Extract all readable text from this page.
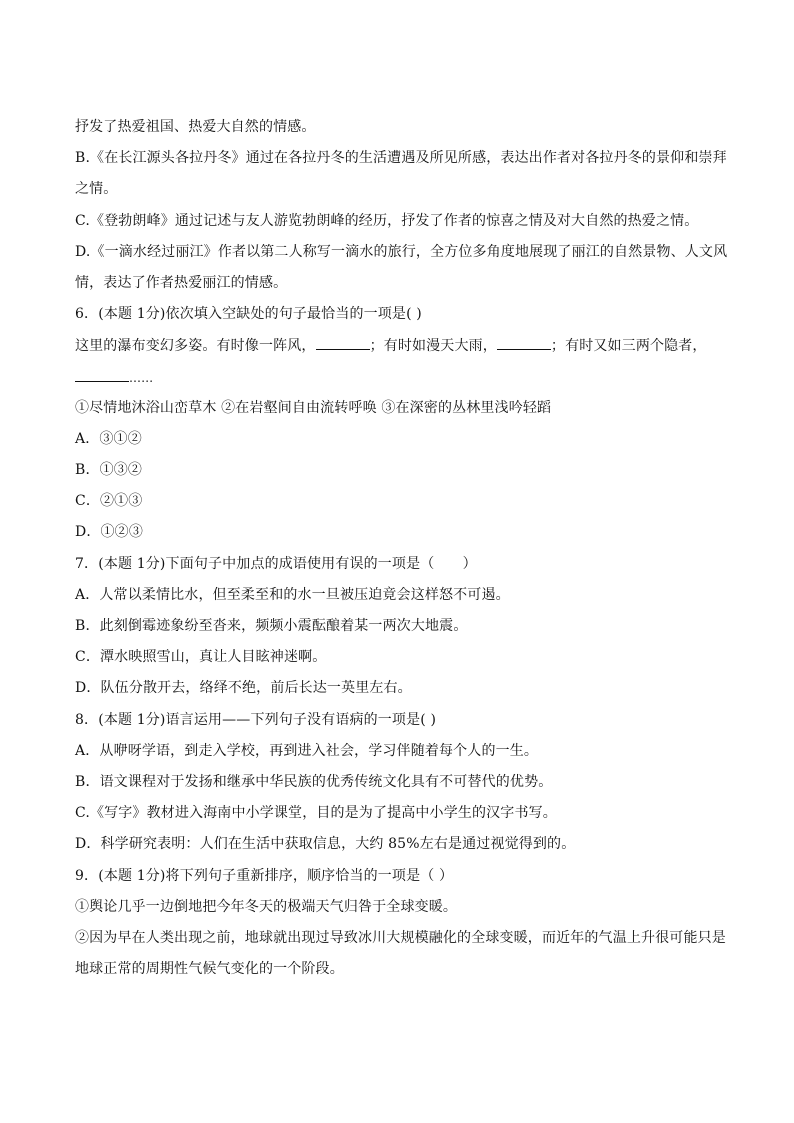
抒发了热爱祖国、热爱大自然的情感。
B.《在长江源头各拉丹冬》通过在各拉丹冬的生活遭遇及所见所感，表达出作者对各拉丹冬的景仰和崇拜
之情。
C.《登勃朗峰》通过记述与友人游览勃朗峰的经历，抒发了作者的惊喜之情及对大自然的热爱之情。
D.《一滴水经过丽江》作者以第二人称写一滴水的旅行，全方位多角度地展现了丽江的自然景物、人文风
情，表达了作者热爱丽江的情感。
6．(本题 1分)依次填入空缺处的句子最恰当的一项是( )
这里的瀑布变幻多姿。有时像一阵风，	；有时如漫天大雨，	；有时又如三两个隐者，
……
①尽情地沐浴山峦草木 ②在岩壑间自由流转呼唤 ③在深密的丛林里浅吟轻蹈
A．③①②
B．①③②
C．②①③
D．①②③
7．(本题 1分)下面句子中加点的成语使用有误的一项是（　　）
A．人常以柔情比水，但至柔至和的水一旦被压迫竟会这样怒不可遏。
B．此刻倒霉迹象纷至沓来，频频小震酝酿着某一两次大地震。
C．潭水映照雪山，真让人目眩神迷啊。
D．队伍分散开去，络绎不绝，前后长达一英里左右。
8．(本题 1分)语言运用——下列句子没有语病的一项是( )
A．从咿呀学语，到走入学校，再到进入社会，学习伴随着每个人的一生。
B．语文课程对于发扬和继承中华民族的优秀传统文化具有不可替代的优势。
C.《写字》教材进入海南中小学课堂，目的是为了提高中小学生的汉字书写。
D．科学研究表明：人们在生活中获取信息，大约 85%左右是通过视觉得到的。
9．(本题 1分)将下列句子重新排序，顺序恰当的一项是（ ）
①舆论几乎一边倒地把今年冬天的极端天气归咎于全球变暖。
②因为早在人类出现之前，地球就出现过导致冰川大规模融化的全球变暖，而近年的气温上升很可能只是
地球正常的周期性气候气变化的一个阶段。
